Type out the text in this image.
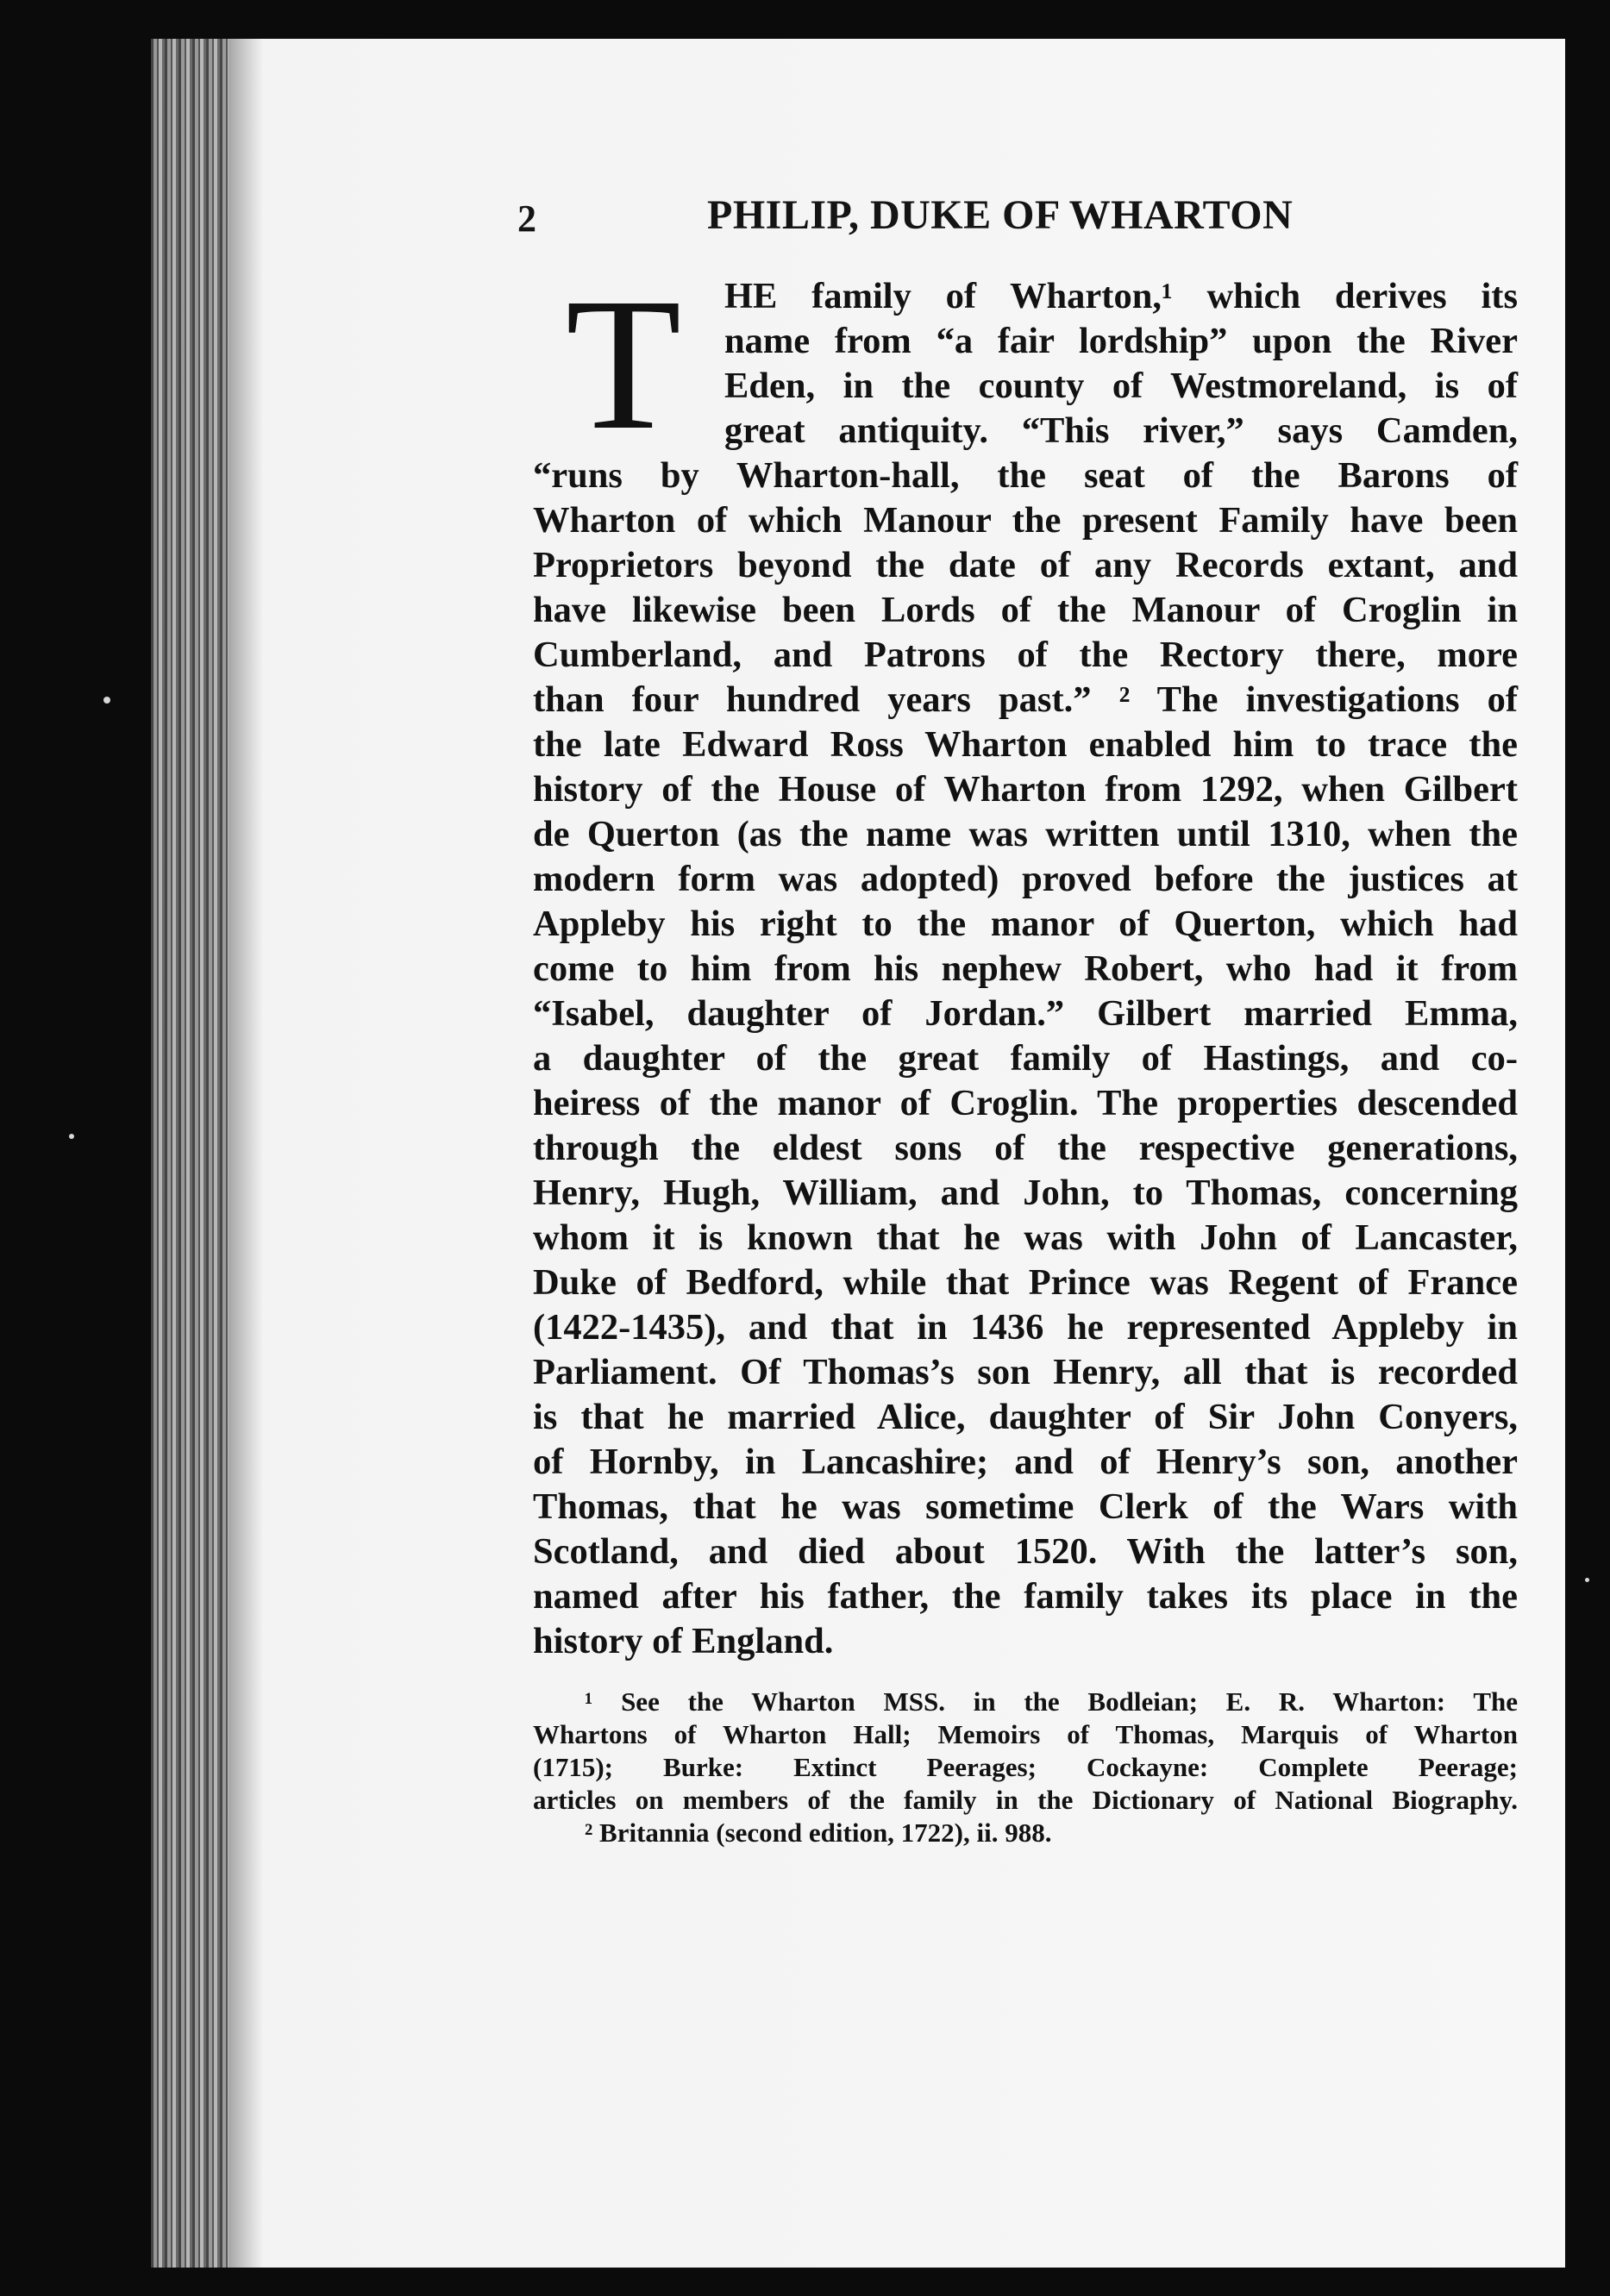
2	PHILIP, DUKE OF WHARTON
T	HE family of Wharton,¹ which derives its
name from “a fair lordship” upon the River
Eden, in the county of Westmoreland, is of
great antiquity. “This river,” says Camden,
“runs by Wharton-hall, the seat of the Barons of
Wharton of which Manour the present Family have been
Proprietors beyond the date of any Records extant, and
have likewise been Lords of the Manour of Croglin in
Cumberland, and Patrons of the Rectory there, more
than four hundred years past.” ² The investigations of
the late Edward Ross Wharton enabled him to trace the
history of the House of Wharton from 1292, when Gilbert
de Querton (as the name was written until 1310, when the
modern form was adopted) proved before the justices at
Appleby his right to the manor of Querton, which had
come to him from his nephew Robert, who had it from
“Isabel, daughter of Jordan.” Gilbert married Emma,
a daughter of the great family of Hastings, and co-
heiress of the manor of Croglin. The properties descended
through the eldest sons of the respective generations,
Henry, Hugh, William, and John, to Thomas, concerning
whom it is known that he was with John of Lancaster,
Duke of Bedford, while that Prince was Regent of France
(1422-1435), and that in 1436 he represented Appleby in
Parliament. Of Thomas’s son Henry, all that is recorded
is that he married Alice, daughter of Sir John Conyers,
of Hornby, in Lancashire; and of Henry’s son, another
Thomas, that he was sometime Clerk of the Wars with
Scotland, and died about 1520. With the latter’s son,
named after his father, the family takes its place in the
history of England.
¹ See the Wharton MSS. in the Bodleian; E. R. Wharton: The
Whartons of Wharton Hall; Memoirs of Thomas, Marquis of Wharton
(1715); Burke: Extinct Peerages; Cockayne: Complete Peerage;
articles on members of the family in the Dictionary of National Biography.
² Britannia (second edition, 1722), ii. 988.
